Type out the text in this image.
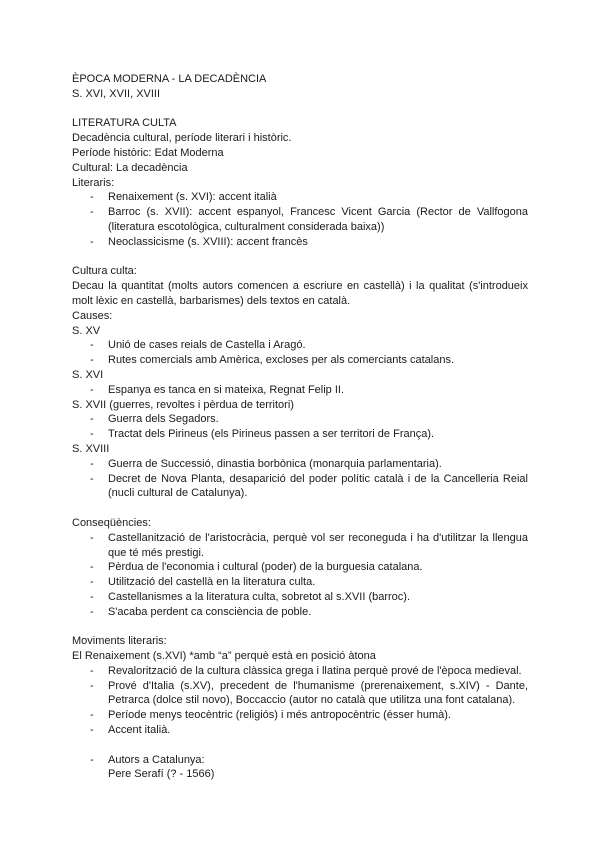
ÈPOCA MODERNA - LA DECADÈNCIA
S. XVI, XVII, XVIII
LITERATURA CULTA
Decadència cultural, període literari i històric.
Període històric: Edat Moderna
Cultural: La decadència
Literaris:
- Renaixement (s. XVI): accent italià
- Barroc (s. XVII): accent espanyol, Francesc Vicent Garcia (Rector de Vallfogona (literatura escotològica, culturalment considerada baixa))
- Neoclassicisme (s. XVIII): accent francès
Cultura culta:
Decau la quantitat (molts autors comencen a escriure en castellà) i la qualitat (s'introdueix molt lèxic en castellà, barbarismes) dels textos en català.
Causes:
S. XV
- Unió de cases reials de Castella i Aragó.
- Rutes comercials amb Amèrica, excloses per als comerciants catalans.
S. XVI
- Espanya es tanca en si mateixa, Regnat Felip II.
S. XVII (guerres, revoltes i pèrdua de territori)
- Guerra dels Segadors.
- Tractat dels Pirineus (els Pirineus passen a ser territori de França).
S. XVIII
- Guerra de Successió, dinastia borbònica (monarquia parlamentaria).
- Decret de Nova Planta, desaparició del poder polític català i de la Cancelleria Reial (nucli cultural de Catalunya).
Conseqüències:
- Castellanització de l'aristocràcia, perquè vol ser reconeguda i ha d'utilitzar la llengua que té més prestigi.
- Pèrdua de l'economia i cultural (poder) de la burguesia catalana.
- Utilització del castellà en la literatura culta.
- Castellanismes a la literatura culta, sobretot al s.XVII (barroc).
- S'acaba perdent ca consciència de poble.
Moviments literaris:
El Renaixement (s.XVI) *amb “a” perquè està en posició àtona
- Revalorització de la cultura clàssica grega i llatina perquè prové de l'època medieval.
- Prové d'Italia (s.XV), precedent de l'humanisme (prerenaixement, s.XIV) - Dante, Petrarca (dolce stil novo), Boccaccio (autor no català que utilitza una font catalana).
- Període menys teocèntric (religiós) i més antropocèntric (ésser humà).
- Accent italià.
- Autors a Catalunya:
Pere Serafí (? - 1566)
